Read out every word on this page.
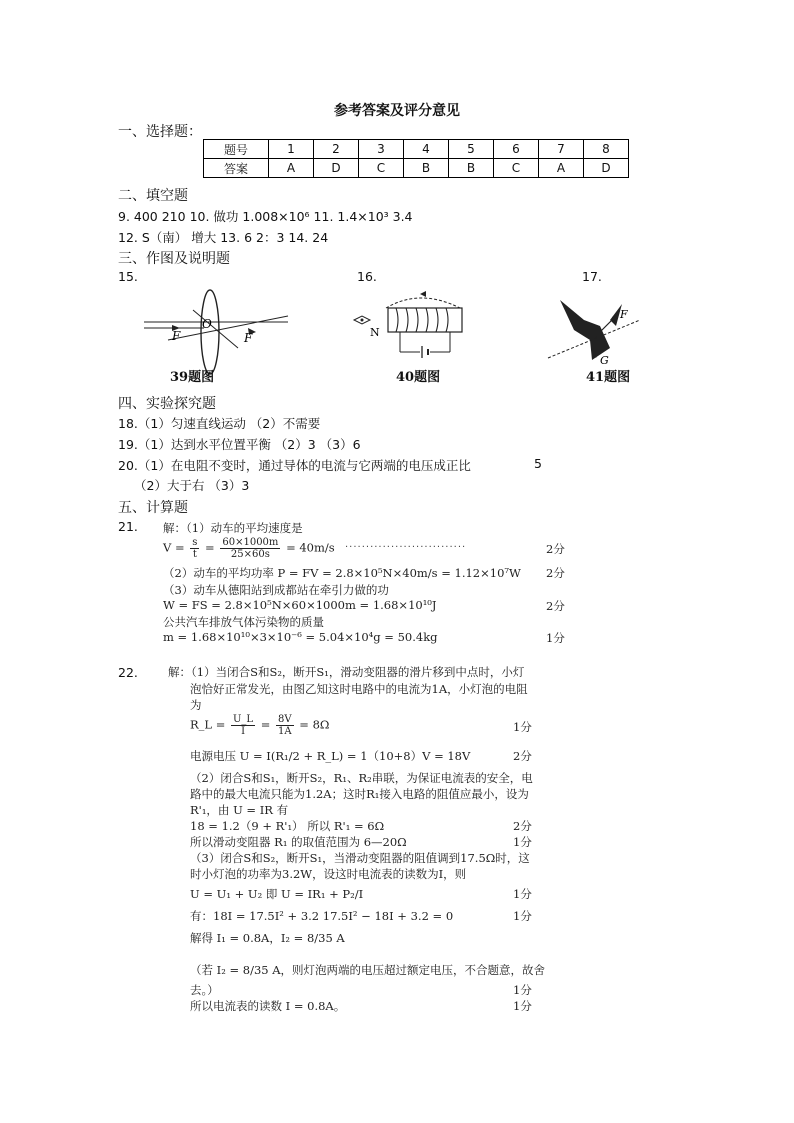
参考答案及评分意见
一、选择题：
题号	1	2	3	4	5	6	7	8
答案	A	D	C	B	B	C	A	D
二、填空题
9. 400 210 10. 做功 1.008×10⁶ 11. 1.4×10³ 3.4
12. S（南） 增大 13. 6 2：3 14. 24
三、作图及说明题
15.	16.	17.
O
F	F
39题图
N
40题图
F
G
41题图
四、实验探究题
18.（1）匀速直线运动 （2）不需要
19.（1）达到水平位置平衡 （2）3 （3）6
20.（1）在电阻不变时，通过导体的电流与它两端的电压成正比	5
（2）大于右 （3）3
五、计算题
21. 解：（1）动车的平均速度是
$V = \frac{s}{t} = \frac{60\times 1000m}{25\times 60s} = 40m/s$ ·····························	2分
（2）动车的平均功率 P = FV = 2.8×10⁵N×40m/s = 1.12×10⁷W 2分
（3）动车从德阳站到成都站在牵引力做的功
W = FS = 2.8×10⁵N×60×1000m = 1.68×10¹⁰J	2分
公共汽车排放气体污染物的质量
m = 1.68×10¹⁰×3×10⁻⁶ = 5.04×10⁴g = 50.4kg	1分
22.	解：（1）当闭合S和S₂，断开S₁，滑动变阻器的滑片移到中点时，小灯
泡恰好正常发光，由图乙知这时电路中的电流为1A，小灯泡的电阻
为
R_L = $\frac{U\_L}{I} = \frac{8V}{1A} = 8\Omega$	1分
电源电压 U = I(R₁/2 + R_L) = 1（10+8）V = 18V	2分
（2）闭合S和S₁，断开S₂，R₁、R₂串联，为保证电流表的安全，电
路中的最大电流只能为1.2A；这时R₁接入电路的阻值应最小，设为
R'₁，由 U = IR 有
18 = 1.2（9 + R'₁） 所以 R'₁ = 6Ω	2分
所以滑动变阻器 R₁ 的取值范围为 6—20Ω	1分
（3）闭合S和S₂，断开S₁，当滑动变阻器的阻值调到17.5Ω时，这
时小灯泡的功率为3.2W，设这时电流表的读数为I，则
U = U₁ + U₂ 即 U = IR₁ + P₂/I	1分
有：18I = 17.5I² + 3.2 17.5I² − 18I + 3.2 = 0	1分
解得 I₁ = 0.8A，I₂ = 8/35 A
（若 I₂ = 8/35 A，则灯泡两端的电压超过额定电压，不合题意，故舍
去。）	1分
所以电流表的读数 I = 0.8A。	1分
